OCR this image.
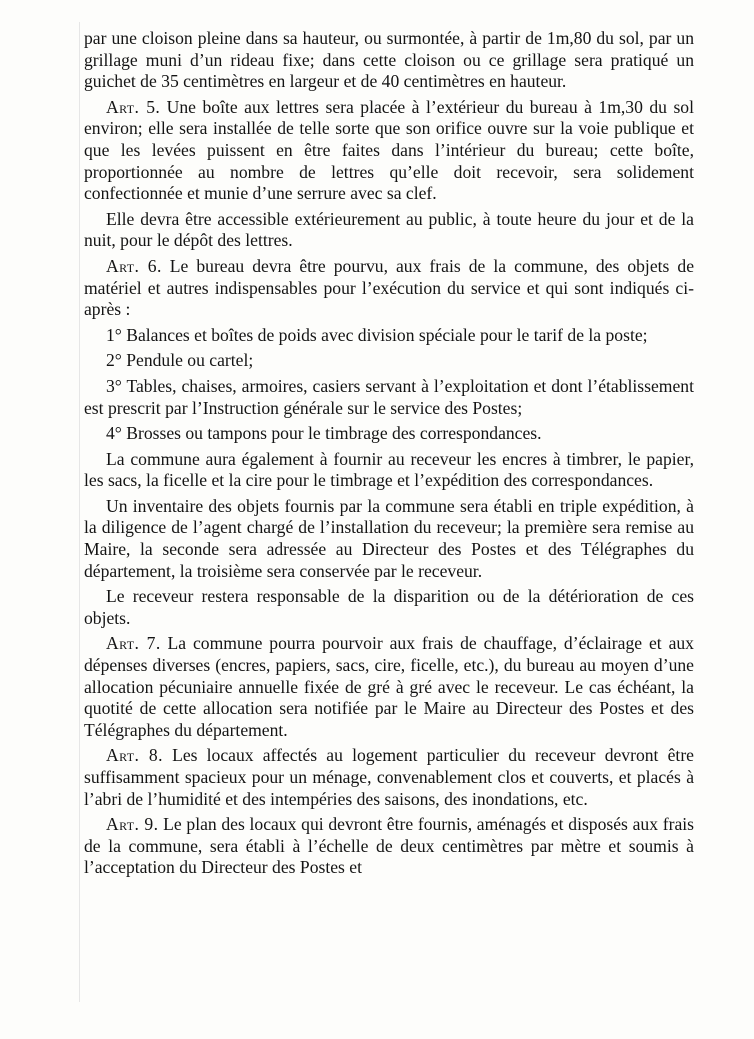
par une cloison pleine dans sa hauteur, ou surmontée, à partir de 1m,80 du sol, par un grillage muni d’un rideau fixe; dans cette cloison ou ce grillage sera pratiqué un guichet de 35 centimètres en largeur et de 40 centimètres en hauteur.

Art. 5. Une boîte aux lettres sera placée à l’extérieur du bureau à 1m,30 du sol environ; elle sera installée de telle sorte que son orifice ouvre sur la voie publique et que les levées puissent en être faites dans l’intérieur du bureau; cette boîte, proportionnée au nombre de lettres qu’elle doit recevoir, sera solidement confectionnée et munie d’une serrure avec sa clef.

Elle devra être accessible extérieurement au public, à toute heure du jour et de la nuit, pour le dépôt des lettres.

Art. 6. Le bureau devra être pourvu, aux frais de la commune, des objets de matériel et autres indispensables pour l’exécution du service et qui sont indiqués ci-après :

1° Balances et boîtes de poids avec division spéciale pour le tarif de la poste;

2° Pendule ou cartel;

3° Tables, chaises, armoires, casiers servant à l’exploitation et dont l’établissement est prescrit par l’Instruction générale sur le service des Postes;

4° Brosses ou tampons pour le timbrage des correspondances.

La commune aura également à fournir au receveur les encres à timbrer, le papier, les sacs, la ficelle et la cire pour le timbrage et l’expédition des correspondances.

Un inventaire des objets fournis par la commune sera établi en triple expédition, à la diligence de l’agent chargé de l’installation du receveur; la première sera remise au Maire, la seconde sera adressée au Directeur des Postes et des Télégraphes du département, la troisième sera conservée par le receveur.

Le receveur restera responsable de la disparition ou de la détérioration de ces objets.

Art. 7. La commune pourra pourvoir aux frais de chauffage, d’éclairage et aux dépenses diverses (encres, papiers, sacs, cire, ficelle, etc.), du bureau au moyen d’une allocation pécuniaire annuelle fixée de gré à gré avec le receveur. Le cas échéant, la quotité de cette allocation sera notifiée par le Maire au Directeur des Postes et des Télégraphes du département.

Art. 8. Les locaux affectés au logement particulier du receveur devront être suffisamment spacieux pour un ménage, convenablement clos et couverts, et placés à l’abri de l’humidité et des intempéries des saisons, des inondations, etc.

Art. 9. Le plan des locaux qui devront être fournis, aménagés et disposés aux frais de la commune, sera établi à l’échelle de deux centimètres par mètre et soumis à l’acceptation du Directeur des Postes et
